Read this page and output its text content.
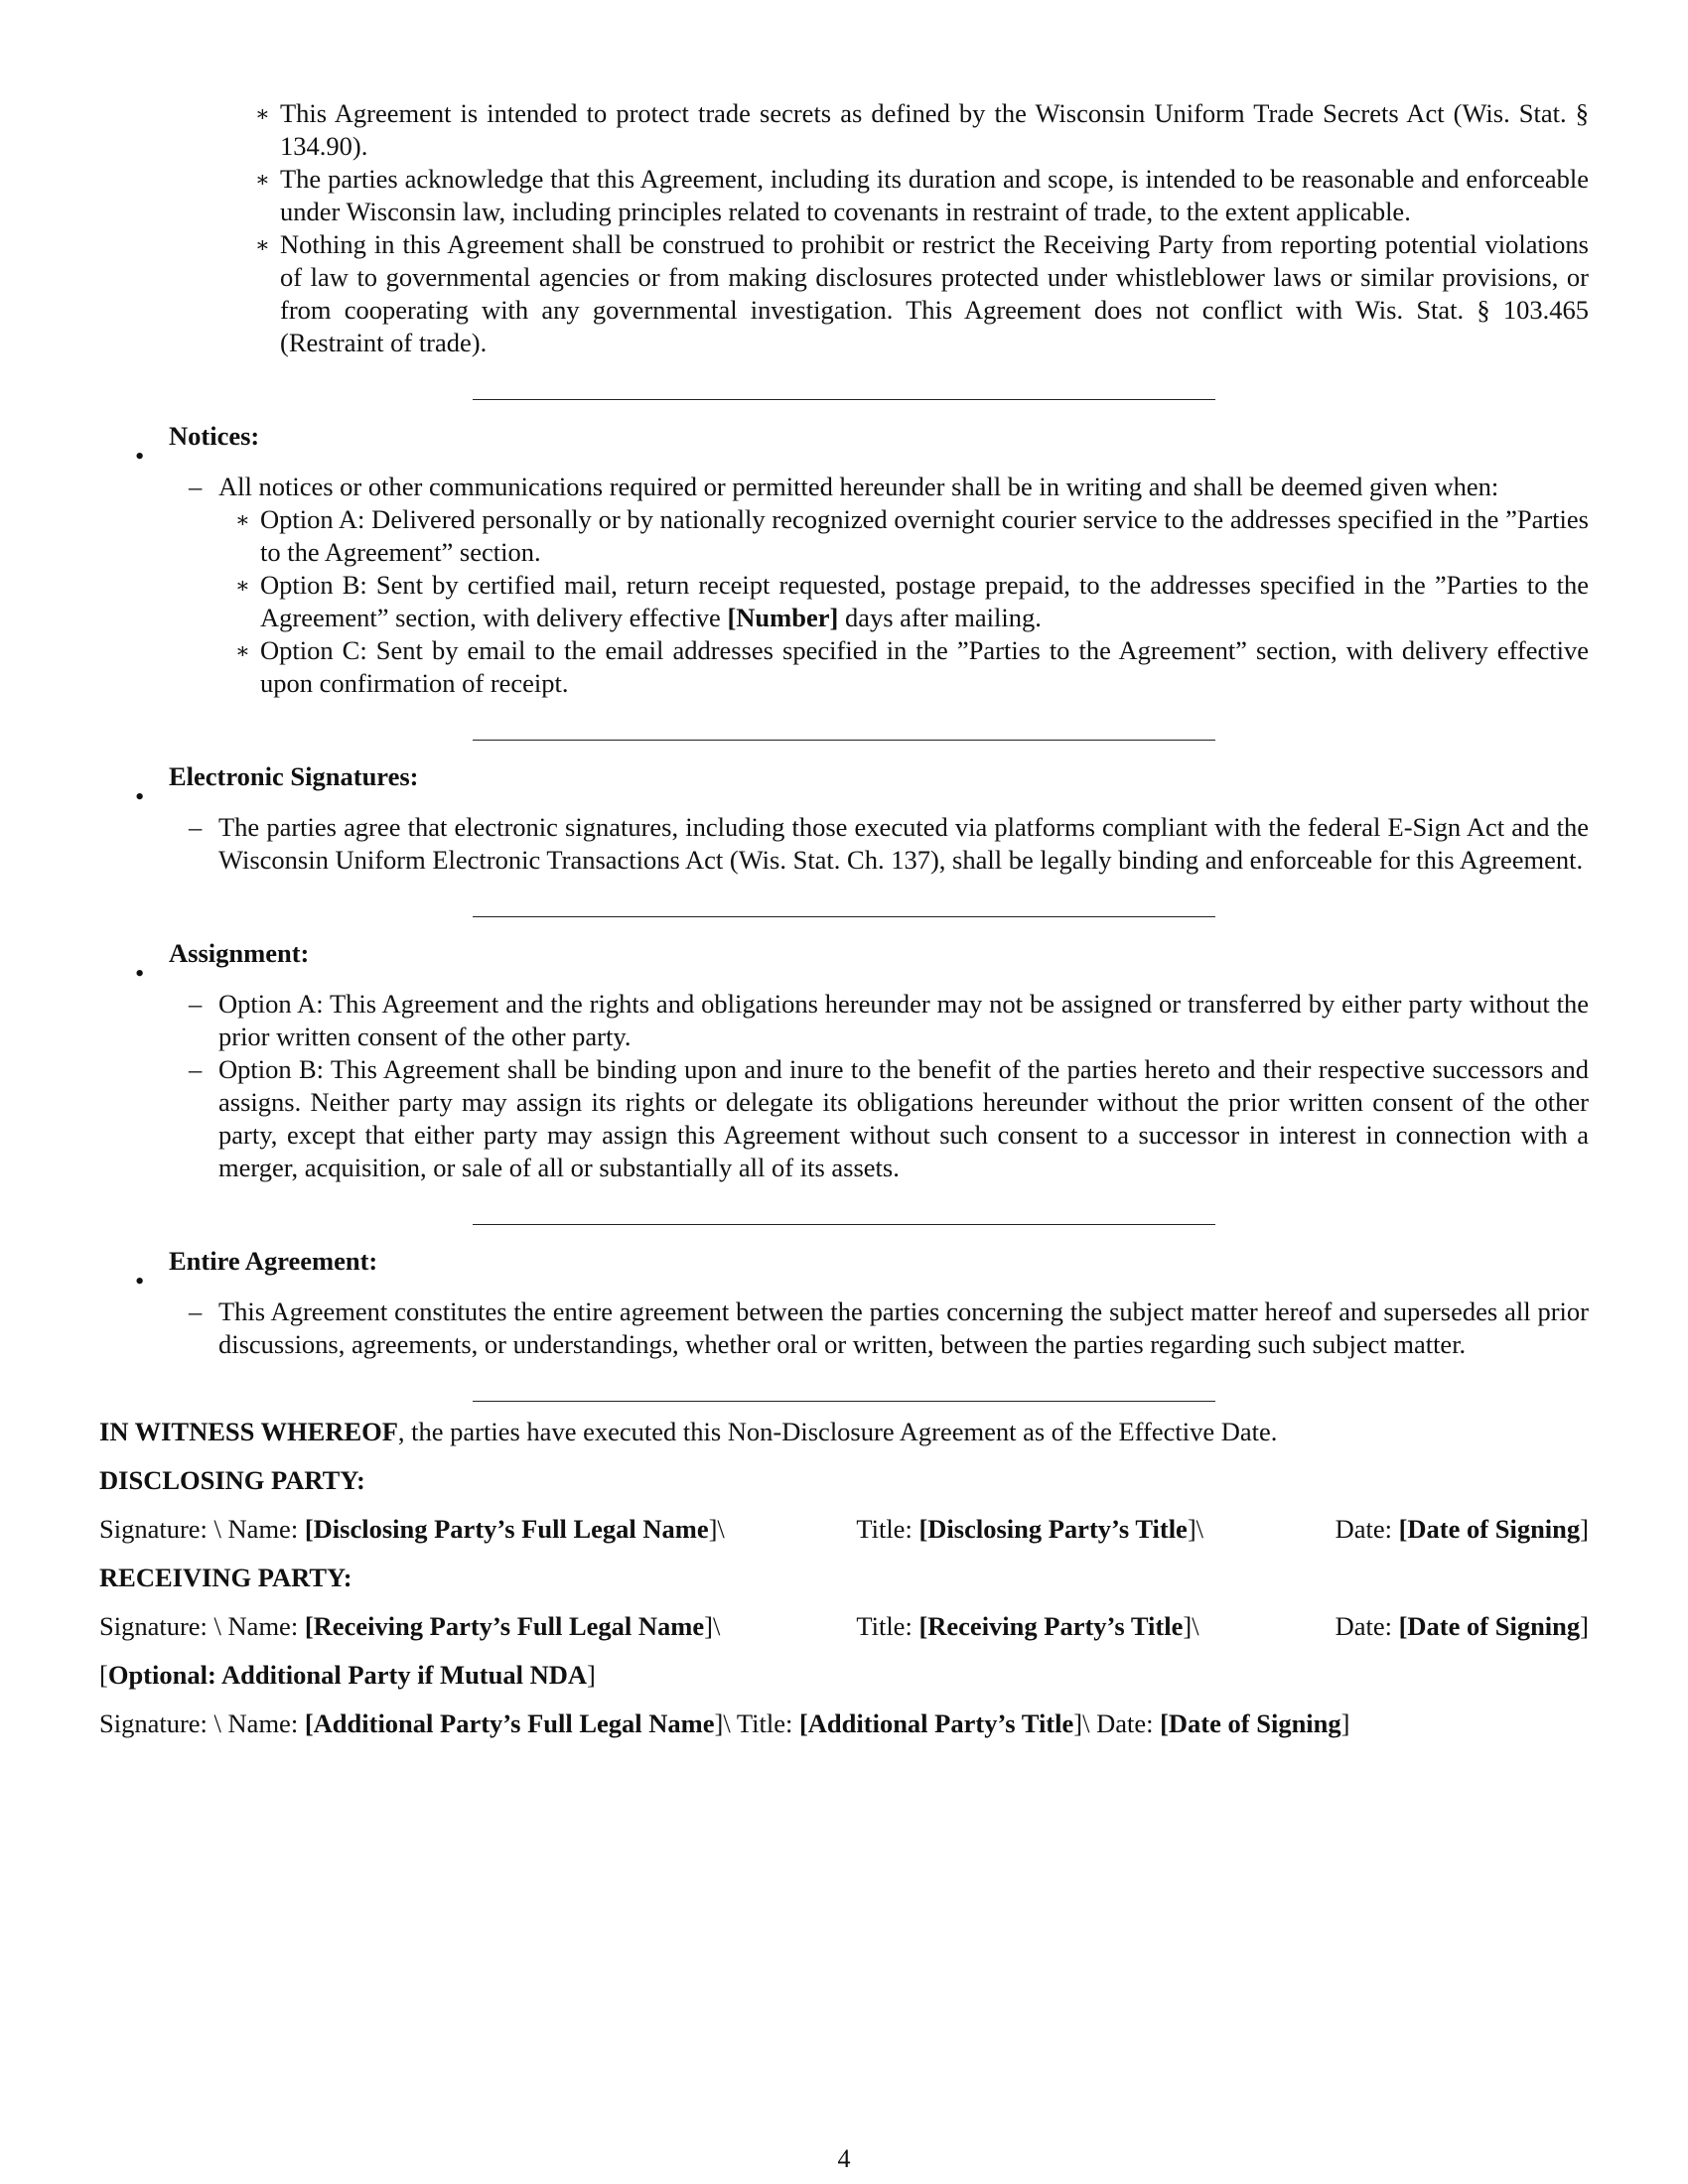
∗ This Agreement is intended to protect trade secrets as defined by the Wisconsin Uniform Trade Secrets Act (Wis. Stat. § 134.90).
∗ The parties acknowledge that this Agreement, including its duration and scope, is intended to be reasonable and enforceable under Wisconsin law, including principles related to covenants in restraint of trade, to the extent applicable.
∗ Nothing in this Agreement shall be construed to prohibit or restrict the Receiving Party from reporting potential violations of law to governmental agencies or from making disclosures protected under whistleblower laws or similar provisions, or from cooperating with any governmental investigation. This Agreement does not conflict with Wis. Stat. § 103.465 (Restraint of trade).
•
Notices:
– All notices or other communications required or permitted hereunder shall be in writing and shall be deemed given when:
∗ Option A: Delivered personally or by nationally recognized overnight courier service to the addresses specified in the ”Parties to the Agreement” section.
∗ Option B: Sent by certified mail, return receipt requested, postage prepaid, to the addresses specified in the ”Parties to the Agreement” section, with delivery effective [Number] days after mailing.
∗ Option C: Sent by email to the email addresses specified in the ”Parties to the Agreement” section, with delivery effective upon confirmation of receipt.
•
Electronic Signatures:
– The parties agree that electronic signatures, including those executed via platforms compliant with the federal E-Sign Act and the Wisconsin Uniform Electronic Transactions Act (Wis. Stat. Ch. 137), shall be legally binding and enforceable for this Agreement.
•
Assignment:
– Option A: This Agreement and the rights and obligations hereunder may not be assigned or transferred by either party without the prior written consent of the other party.
– Option B: This Agreement shall be binding upon and inure to the benefit of the parties hereto and their respective successors and assigns. Neither party may assign its rights or delegate its obligations hereunder without the prior written consent of the other party, except that either party may assign this Agreement without such consent to a successor in interest in connection with a merger, acquisition, or sale of all or substantially all of its assets.
•
Entire Agreement:
– This Agreement constitutes the entire agreement between the parties concerning the subject matter hereof and supersedes all prior discussions, agreements, or understandings, whether oral or written, between the parties regarding such subject matter.

IN WITNESS WHEREOF, the parties have executed this Non-Disclosure Agreement as of the Effective Date.

DISCLOSING PARTY:
Signature: \ Name: [Disclosing Party’s Full Legal Name]\	Title: [Disclosing Party’s Title]\	Date: [Date of Signing]
RECEIVING PARTY:
Signature: \ Name: [Receiving Party’s Full Legal Name]\	Title: [Receiving Party’s Title]\	Date: [Date of Signing]
[Optional: Additional Party if Mutual NDA]
Signature: \ Name: [Additional Party’s Full Legal Name]\ Title: [Additional Party’s Title]\ Date: [Date of Signing]
4
